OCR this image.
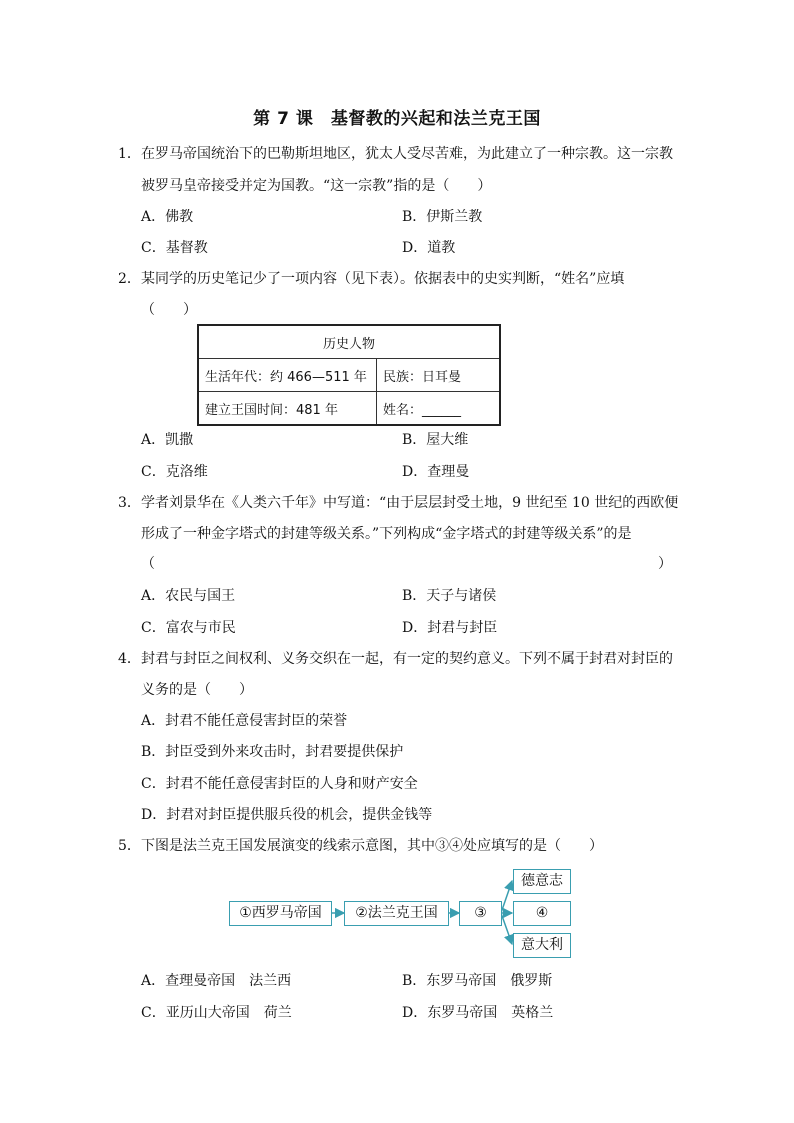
第 7 课　基督教的兴起和法兰克王国
1． 在罗马帝国统治下的巴勒斯坦地区，犹太人受尽苦难，为此建立了一种宗教。这一宗教
被罗马皇帝接受并定为国教。“这一宗教”指的是（　　）
A．佛教	B．伊斯兰教
C．基督教	D．道教
2． 某同学的历史笔记少了一项内容（见下表）。依据表中的史实判断，“姓名”应填
（　　）
历史人物	
生活年代：约 466—511 年	民族：日耳曼
建立王国时间：481 年	姓名：______
A．凯撒	B．屋大维
C．克洛维	D．查理曼
3． 学者刘景华在《人类六千年》中写道：“由于层层封受土地，9 世纪至 10 世纪的西欧便
形成了一种金字塔式的封建等级关系。”下列构成“金字塔式的封建等级关系”的是
（	）
A．农民与国王	B．天子与诸侯
C．富农与市民	D．封君与封臣
4． 封君与封臣之间权利、义务交织在一起，有一定的契约意义。下列不属于封君对封臣的
义务的是（　　）
A．封君不能任意侵害封臣的荣誉
B．封臣受到外来攻击时，封君要提供保护
C．封君不能任意侵害封臣的人身和财产安全
D．封君对封臣提供服兵役的机会，提供金钱等
5． 下图是法兰克王国发展演变的线索示意图，其中③④处应填写的是（　　）
①西罗马帝国	②法兰克王国	③
德意志
④
意大利
A．查理曼帝国　法兰西	B．东罗马帝国　俄罗斯
C．亚历山大帝国　荷兰	D．东罗马帝国　英格兰
